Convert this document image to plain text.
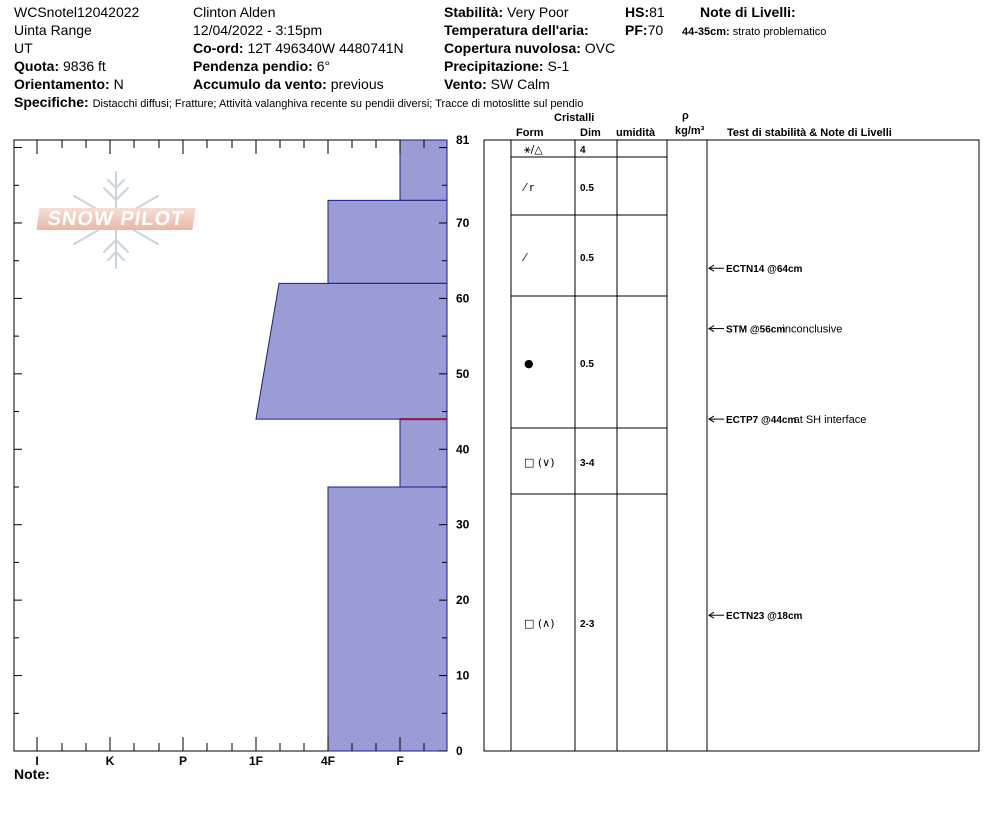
WCSnotel12042022
Uinta Range
UT
Quota: 9836 ft
Orientamento: N
Clinton Alden
12/04/2022 - 3:15pm
Co-ord: 12T 496340W 4480741N
Pendenza pendio: 6°
Accumulo da vento: previous
Stabilità: Very Poor
Temperatura dell'aria:
Copertura nuvolosa: OVC
Precipitazione: S-1
Vento: SW Calm
HS:81
PF:70
Note di Livelli:
44-35cm: strato problematico
Specifiche: Distacchi diffusi; Fratture; Attività valanghiva recente su pendii diversi; Tracce di motoslitte sul pendio
Cristalli
Form	Dim umidità
ρ
kg/m³ Test di stabilità & Note di Livelli
SNOW PILOT
I	K	P	1F	4F	F
0
10
20
30
40
50
60
70
81
⚹/△	4
⁄ r	0.5
⁄	0.5
●	0.5
□ (∨)	3-4
□ (∧)	2-3
ECTN14 @64cm
STM @56cm
inconclusive
ECTP7 @44cm
at SH interface
ECTN23 @18cm
Note:
